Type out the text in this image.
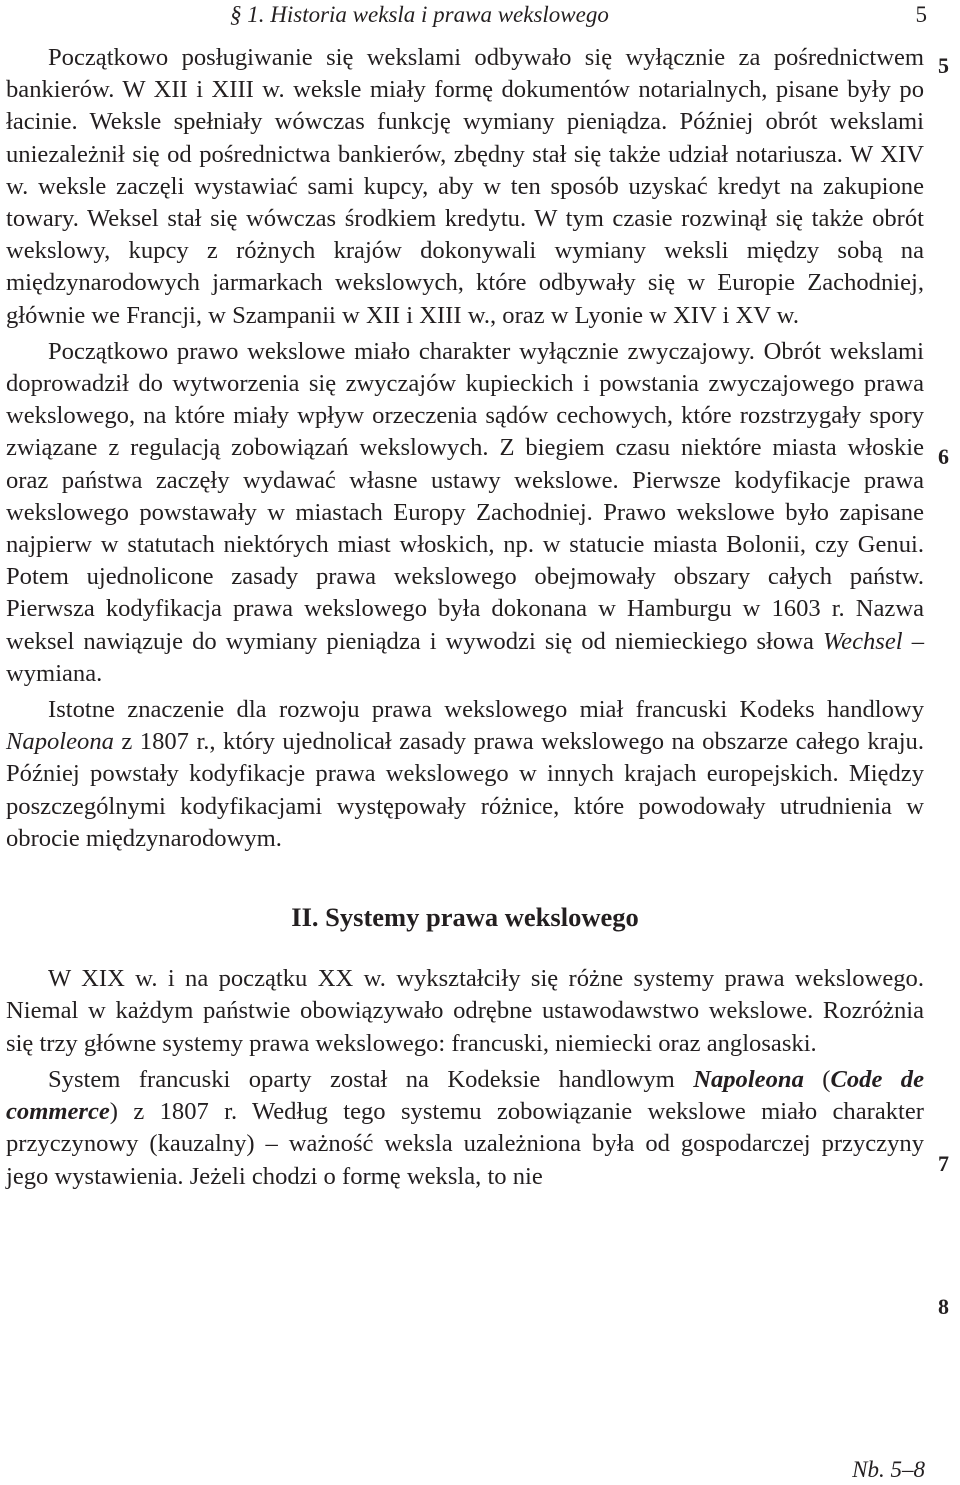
§ 1. Historia weksla i prawa wekslowego	5

Początkowo posługiwanie się wekslami odbywało się wyłącznie za pośrednictwem bankierów. W XII i XIII w. weksle miały formę dokumentów notarialnych, pisane były po łacinie. Weksle spełniały wówczas funkcję wymiany pieniądza. Później obrót wekslami uniezależnił się od pośrednictwa bankierów, zbędny stał się także udział notariusza. W XIV w. weksle zaczęli wystawiać sami kupcy, aby w ten sposób uzyskać kredyt na zakupione towary. Weksel stał się wówczas środkiem kredytu. W tym czasie rozwinął się także obrót wekslowy, kupcy z różnych krajów dokonywali wymiany weksli między sobą na międzynarodowych jarmarkach wekslowych, które odbywały się w Europie Zachodniej, głównie we Francji, w Szampanii w XII i XIII w., oraz w Lyonie w XIV i XV w.

Początkowo prawo wekslowe miało charakter wyłącznie zwyczajowy. Obrót wekslami doprowadził do wytworzenia się zwyczajów kupieckich i powstania zwyczajowego prawa wekslowego, na które miały wpływ orzeczenia sądów cechowych, które rozstrzygały spory związane z regulacją zobowiązań wekslowych. Z biegiem czasu niektóre miasta włoskie oraz państwa zaczęły wydawać własne ustawy wekslowe. Pierwsze kodyfikacje prawa wekslowego powstawały w miastach Europy Zachodniej. Prawo wekslowe było zapisane najpierw w statutach niektórych miast włoskich, np. w statucie miasta Bolonii, czy Genui. Potem ujednolicone zasady prawa wekslowego obejmowały obszary całych państw. Pierwsza kodyfikacja prawa wekslowego była dokonana w Hamburgu w 1603 r. Nazwa weksel nawiązuje do wymiany pieniądza i wywodzi się od niemieckiego słowa Wechsel – wymiana.

Istotne znaczenie dla rozwoju prawa wekslowego miał francuski Kodeks handlowy Napoleona z 1807 r., który ujednolicał zasady prawa wekslowego na obszarze całego kraju. Później powstały kodyfikacje prawa wekslowego w innych krajach europejskich. Między poszczególnymi kodyfikacjami występowały różnice, które powodowały utrudnienia w obrocie międzynarodowym.

II. Systemy prawa wekslowego

W XIX w. i na początku XX w. wykształciły się różne systemy prawa wekslowego. Niemal w każdym państwie obowiązywało odrębne ustawodawstwo wekslowe. Rozróżnia się trzy główne systemy prawa wekslowego: francuski, niemiecki oraz anglosaski.

System francuski oparty został na Kodeksie handlowym Napoleona (Code de commerce) z 1807 r. Według tego systemu zobowiązanie wekslowe miało charakter przyczynowy (kauzalny) – ważność weksla uzależniona była od gospodarczej przyczyny jego wystawienia. Jeżeli chodzi o formę weksla, to nie

5
6
7
8
Nb. 5–8
